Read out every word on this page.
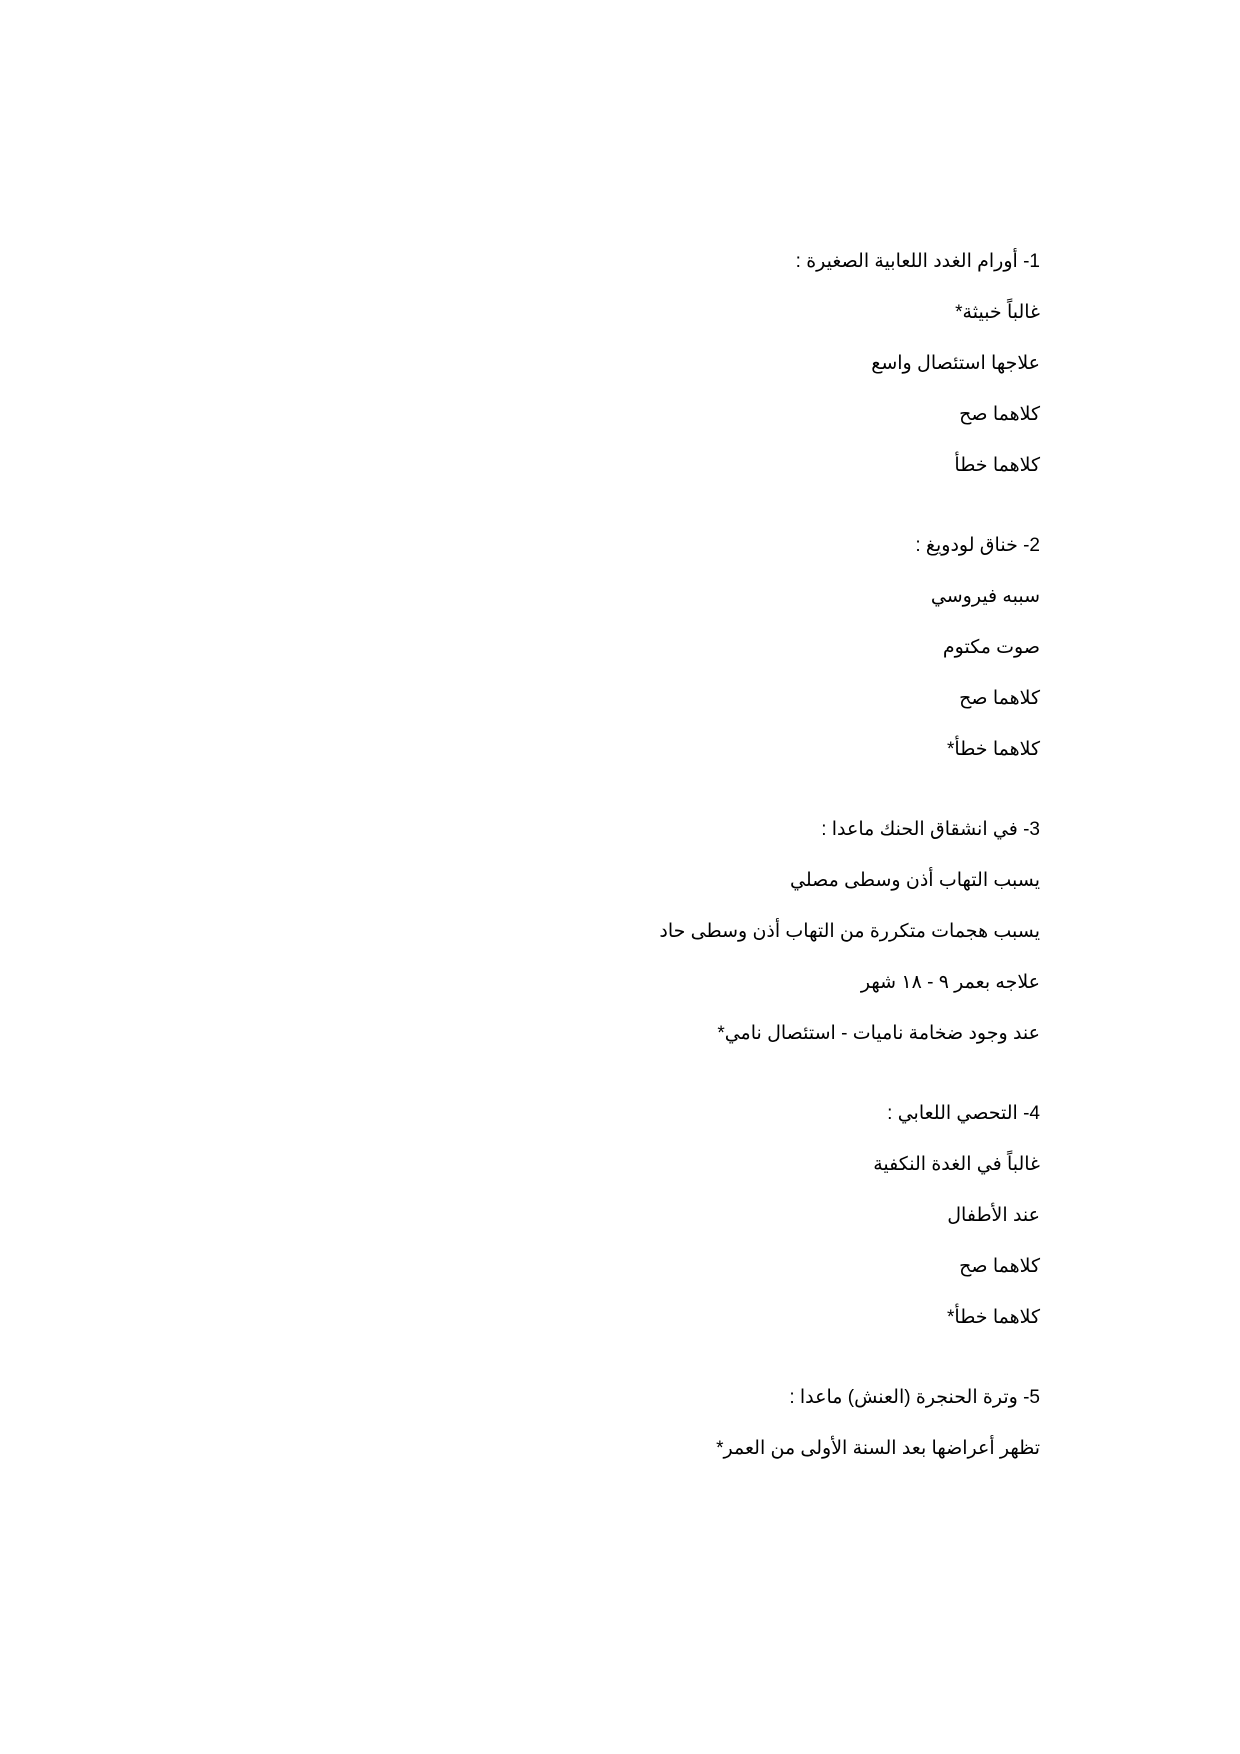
1- أورام الغدد اللعابية الصغيرة :
غالباً خبيثة*
علاجها استئصال واسع
كلاهما صح
كلاهما خطأ
2- خناق لودويغ :
سببه فيروسي
صوت مكتوم
كلاهما صح
كلاهما خطأ*
3- في انشقاق الحنك ماعدا :
يسبب التهاب أذن وسطى مصلي
يسبب هجمات متكررة من التهاب أذن وسطى حاد
علاجه بعمر ٩ - ١٨ شهر
عند وجود ضخامة ناميات - استئصال نامي*
4- التحصي اللعابي :
غالباً في الغدة النكفية
عند الأطفال
كلاهما صح
كلاهما خطأ*
5- وترة الحنجرة (العنش) ماعدا :
تظهر أعراضها بعد السنة الأولى من العمر*
